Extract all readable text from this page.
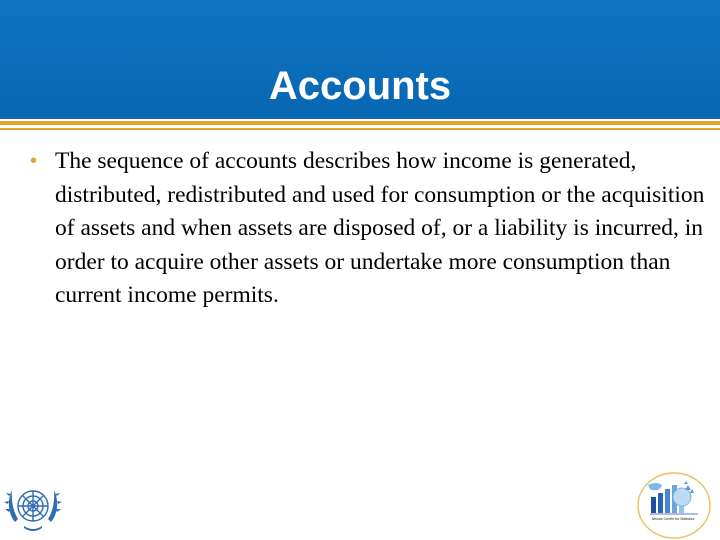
Accounts
• The sequence of accounts describes how income is generated, distributed, redistributed and used for consumption or the acquisition of assets and when assets are disposed of, or a liability is incurred, in order to acquire other assets or undertake more consumption than current income permits.

African Centre for Statistics
